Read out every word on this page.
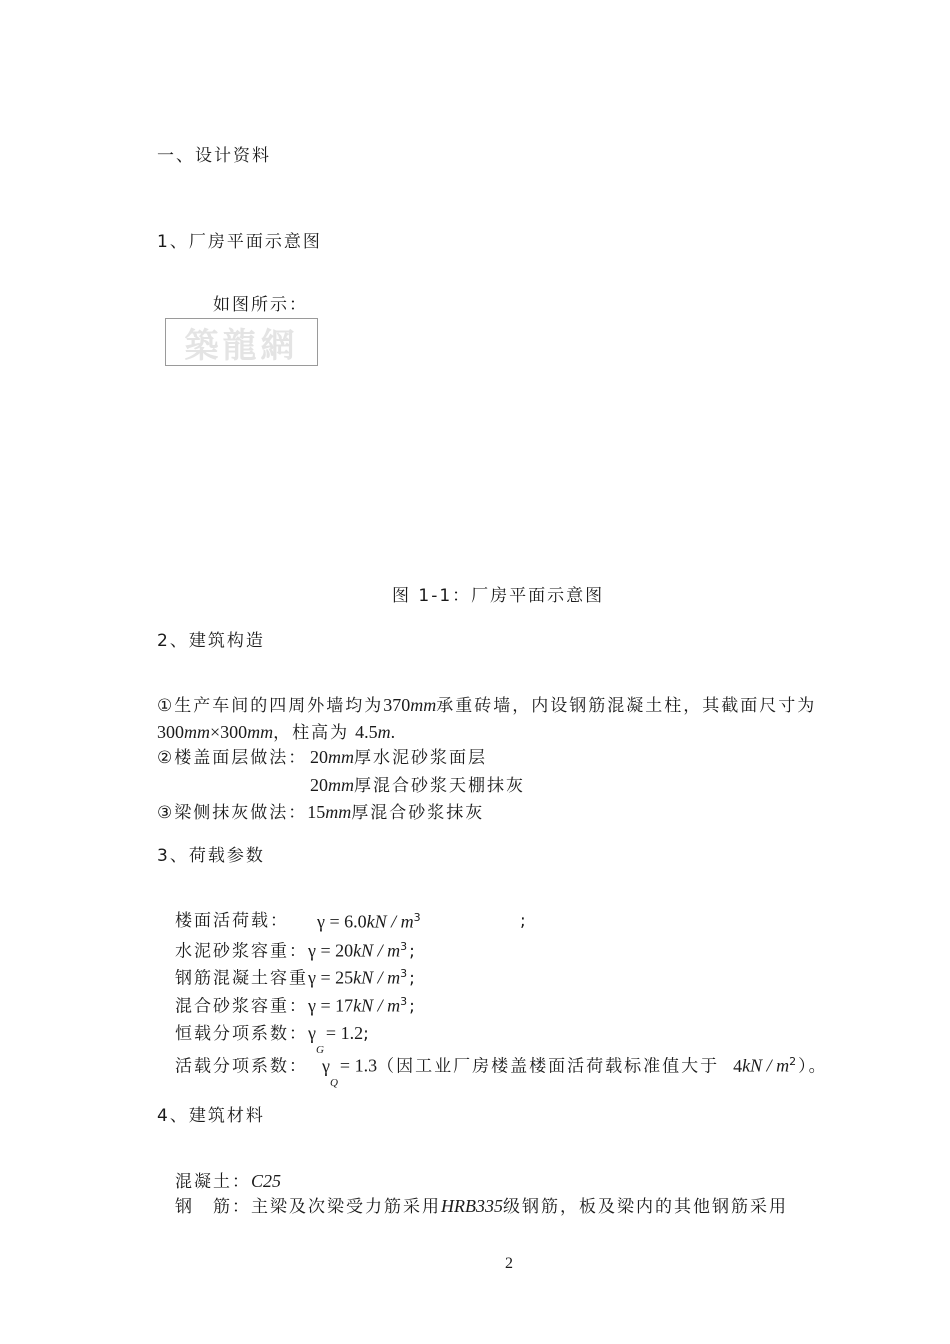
一、设计资料
1、厂房平面示意图
如图所示：
築龍網
图 1-1：厂房平面示意图
2、建筑构造
①生产车间的四周外墙均为370mm承重砖墙，内设钢筋混凝土柱，其截面尺寸为
300mm×300mm，柱高为 4.5m.
②楼盖面层做法： 20mm厚水泥砂浆面层
20mm厚混合砂浆天棚抹灰
③梁侧抹灰做法：15mm厚混合砂浆抹灰
3、荷载参数
楼面活荷载： $\gamma = 6.0kN / m^3$	;
水泥砂浆容重：$\gamma = 20kN / m^3$;
钢筋混凝土容重$\gamma = 25kN / m^3$;
混合砂浆容重：$\gamma = 17kN / m^3$;
恒载分项系数：$\gamma_G= 1.2$;
活载分项系数： $\gamma_Q= 1.3$（因工业厂房楼盖楼面活荷载标准值大于 $4kN / m^2$）。
4、建筑材料
混凝土：C25
钢　筋：主梁及次梁受力筋采用HRB335级钢筋，板及梁内的其他钢筋采用
2
